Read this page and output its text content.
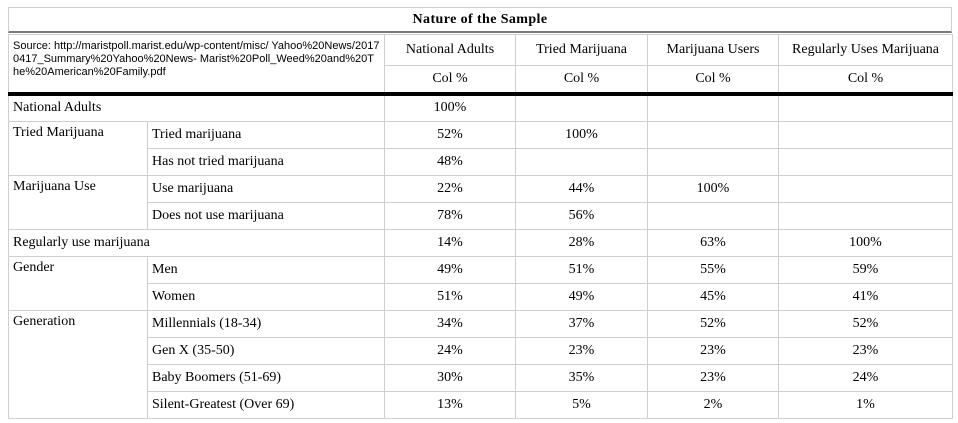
Nature of the Sample
Source: http://maristpoll.marist.edu/wp-content/misc/ Yahoo%20News/20170417_Summary%20Yahoo%20News- Marist%20Poll_Weed%20and%20The%20American%20Family.pdf		National Adults	Tried Marijuana	Marijuana Users	Regularly Uses Marijuana
		Col %	Col %	Col %	Col %
National Adults		100%			
Tried Marijuana	Tried marijuana	52%	100%		
	Has not tried marijuana	48%			
Marijuana Use	Use marijuana	22%	44%	100%	
	Does not use marijuana	78%	56%		
Regularly use marijuana		14%	28%	63%	100%
Gender	Men	49%	51%	55%	59%
	Women	51%	49%	45%	41%
Generation	Millennials (18-34)	34%	37%	52%	52%
	Gen X (35-50)	24%	23%	23%	23%
	Baby Boomers (51-69)	30%	35%	23%	24%
	Silent-Greatest (Over 69)	13%	5%	2%	1%
